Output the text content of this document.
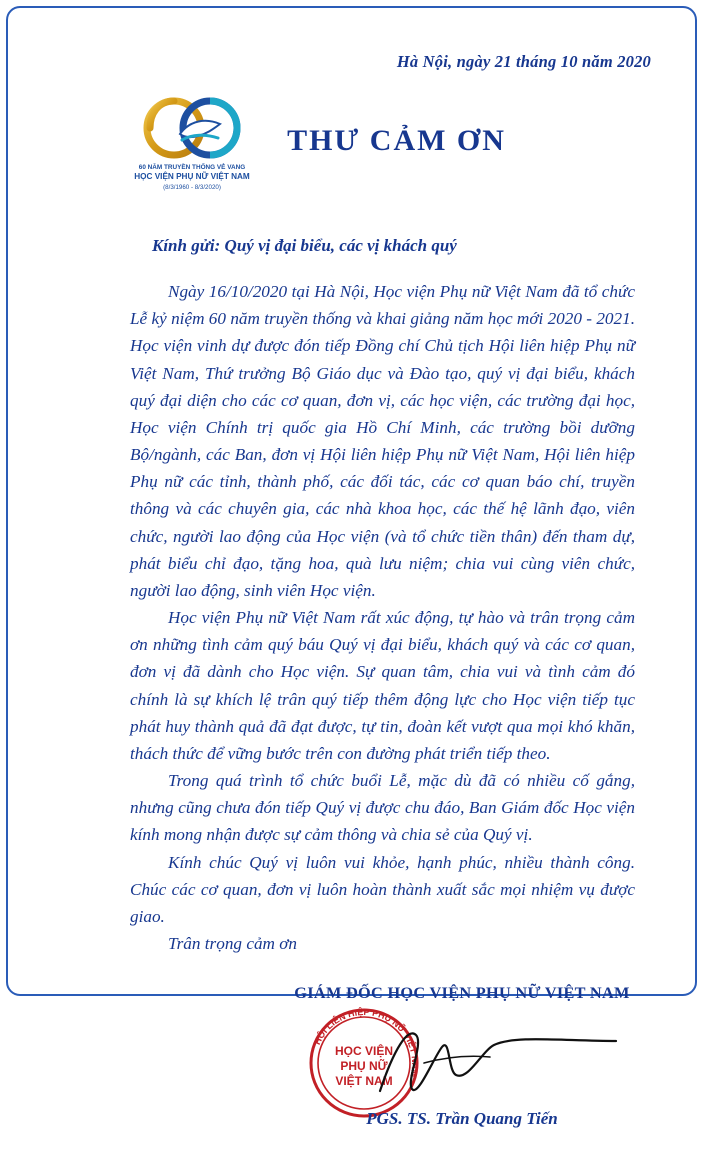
Hà Nội, ngày 21 tháng 10 năm 2020
60 NĂM TRUYỀN THỐNG VẺ VANG
HỌC VIỆN PHỤ NỮ VIỆT NAM
(8/3/1960 - 8/3/2020)
THƯ CẢM ƠN
Kính gửi: Quý vị đại biểu, các vị khách quý

Ngày 16/10/2020 tại Hà Nội, Học viện Phụ nữ Việt Nam đã tổ chức Lễ kỷ niệm 60 năm truyền thống và khai giảng năm học mới 2020 - 2021. Học viện vinh dự được đón tiếp Đồng chí Chủ tịch Hội liên hiệp Phụ nữ Việt Nam, Thứ trưởng Bộ Giáo dục và Đào tạo, quý vị đại biểu, khách quý đại diện cho các cơ quan, đơn vị, các học viện, các trường đại học, Học viện Chính trị quốc gia Hồ Chí Minh, các trường bồi dưỡng Bộ/ngành, các Ban, đơn vị Hội liên hiệp Phụ nữ Việt Nam, Hội liên hiệp Phụ nữ các tỉnh, thành phố, các đối tác, các cơ quan báo chí, truyền thông và các chuyên gia, các nhà khoa học, các thế hệ lãnh đạo, viên chức, người lao động của Học viện (và tổ chức tiền thân) đến tham dự, phát biểu chỉ đạo, tặng hoa, quà lưu niệm; chia vui cùng viên chức, người lao động, sinh viên Học viện.

Học viện Phụ nữ Việt Nam rất xúc động, tự hào và trân trọng cảm ơn những tình cảm quý báu Quý vị đại biểu, khách quý và các cơ quan, đơn vị đã dành cho Học viện. Sự quan tâm, chia vui và tình cảm đó chính là sự khích lệ trân quý tiếp thêm động lực cho Học viện tiếp tục phát huy thành quả đã đạt được, tự tin, đoàn kết vượt qua mọi khó khăn, thách thức để vững bước trên con đường phát triển tiếp theo.

Trong quá trình tổ chức buổi Lễ, mặc dù đã có nhiều cố gắng, nhưng cũng chưa đón tiếp Quý vị được chu đáo, Ban Giám đốc Học viện kính mong nhận được sự cảm thông và chia sẻ của Quý vị.

Kính chúc Quý vị luôn vui khỏe, hạnh phúc, nhiều thành công. Chúc các cơ quan, đơn vị luôn hoàn thành xuất sắc mọi nhiệm vụ được giao.

Trân trọng cảm ơn

GIÁM ĐỐC HỌC VIỆN PHỤ NỮ VIỆT NAM
HỘI LIÊN HIỆP PHỤ NỮ VIỆT NAM
HỌC VIỆN
PHỤ NỮ
VIỆT NAM
PGS. TS. Trần Quang Tiến
